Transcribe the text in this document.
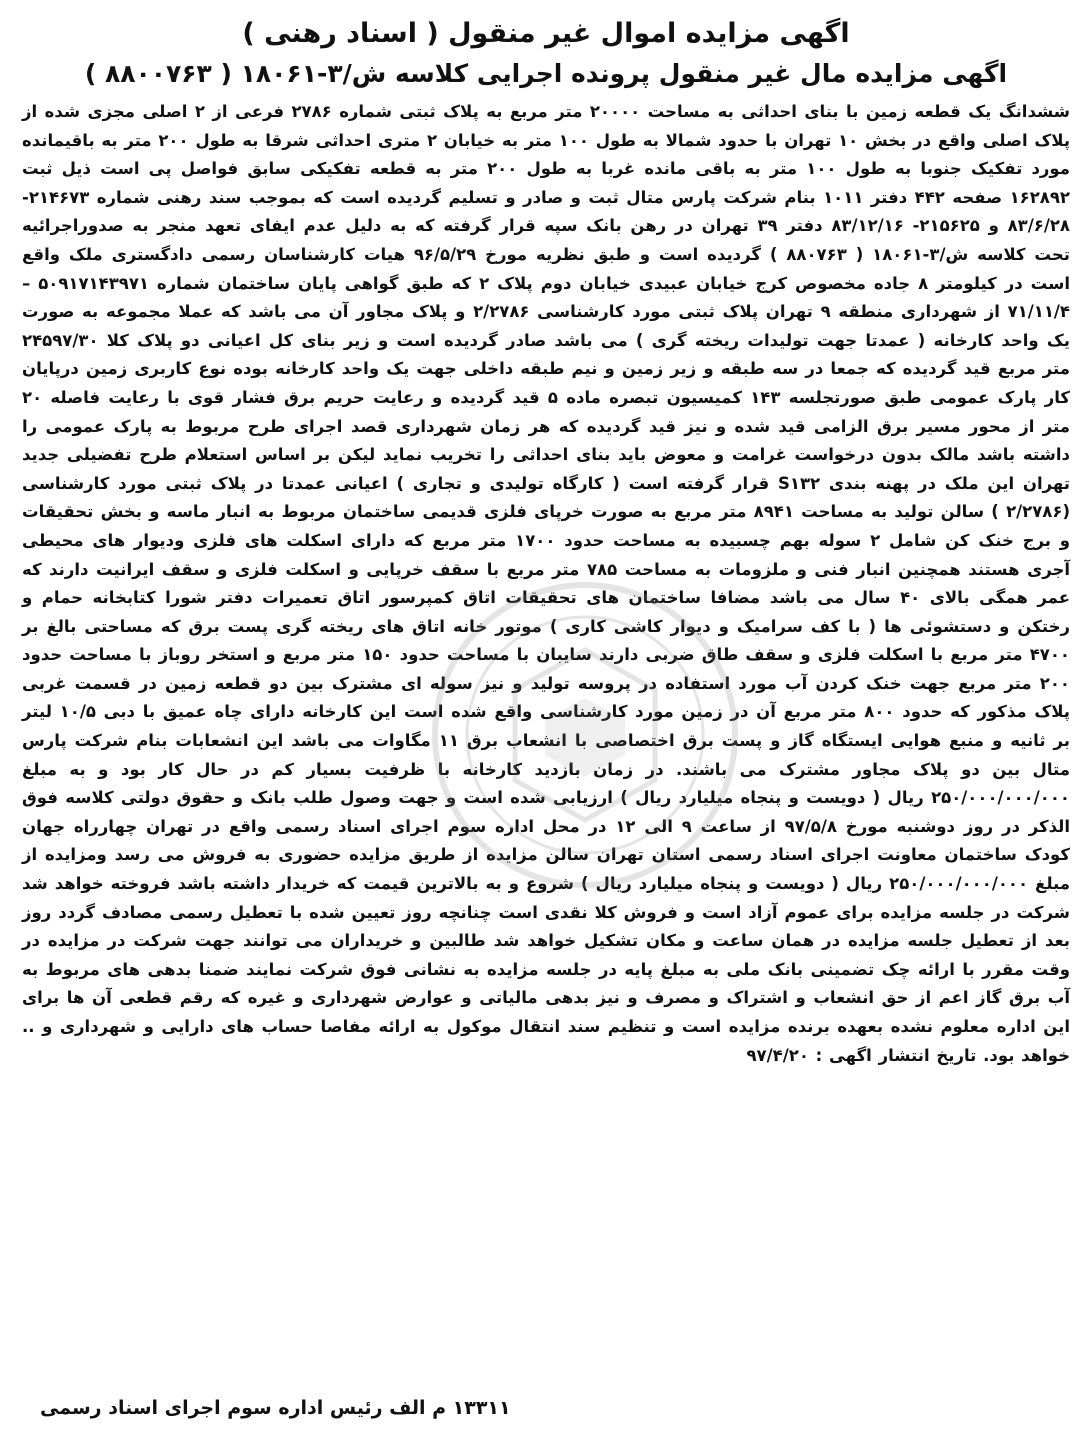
اگهی مزایده اموال غیر منقول ( اسناد رهنی )
اگهی مزایده مال غیر منقول پرونده اجرایی کلاسه ش/۳-۱۸۰۶۱ ( ۸۸۰۰۷۶۳ )

ششدانگ یک قطعه زمین با بنای احداثی به مساحت ۲۰۰۰۰ متر مربع به پلاک ثبتی شماره ۲۷۸۶ فرعی از ۲ اصلی مجزی شده از پلاک اصلی واقع در بخش ۱۰ تهران با حدود شمالا به طول ۱۰۰ متر به خیابان ۲ متری احداثی شرقا به طول ۲۰۰ متر به باقیمانده مورد تفکیک جنوبا به طول ۱۰۰ متر به باقی مانده غربا به طول ۲۰۰ متر به قطعه تفکیکی سابق فواصل پی است ذیل ثبت ۱۶۲۸۹۲ صفحه ۴۴۲ دفتر ۱۰۱۱ بنام شرکت پارس متال ثبت و صادر و تسلیم گردیده است که بموجب سند رهنی شماره ۲۱۴۶۷۳- ۸۳/۶/۲۸ و ۲۱۵۶۲۵- ۸۳/۱۲/۱۶ دفتر ۳۹ تهران در رهن بانک سپه قرار گرفته که به دلیل عدم ایفای تعهد منجر به صدوراجرائیه تحت کلاسه ش/۳-۱۸۰۶۱ ( ۸۸۰۷۶۳ ) گردیده است و طبق نظریه مورخ ۹۶/۵/۲۹ هیات کارشناسان رسمی دادگستری ملک واقع است در کیلومتر ۸ جاده مخصوص کرج خیابان عبیدی خیابان دوم پلاک ۲ که طبق گواهی پایان ساختمان شماره ۵۰۹۱۷۱۴۳۹۷۱ – ۷۱/۱۱/۴ از شهرداری منطقه ۹ تهران پلاک ثبتی مورد کارشناسی ۲/۲۷۸۶ و پلاک مجاور آن می باشد که عملا مجموعه به صورت یک واحد کارخانه ( عمدتا جهت تولیدات ریخته گری ) می باشد صادر گردیده است و زیر بنای کل اعیانی دو پلاک کلا ۲۴۵۹۷/۳۰ متر مربع قید گردیده که جمعا در سه طبقه و زیر زمین و نیم طبقه داخلی جهت یک واحد کارخانه بوده نوع کاربری زمین درپایان کار پارک عمومی طبق صورتجلسه ۱۴۳ کمیسیون تبصره ماده ۵ قید گردیده و رعایت حریم برق فشار قوی با رعایت فاصله ۲۰ متر از محور مسیر برق الزامی قید شده و نیز قید گردیده که هر زمان شهرداری قصد اجرای طرح مربوط به پارک عمومی را داشته باشد مالک بدون درخواست غرامت و معوض باید بنای احداثی را تخریب نماید لیکن بر اساس استعلام طرح تفضیلی جدید تهران این ملک در پهنه بندی S۱۳۲ قرار گرفته است ( کارگاه تولیدی و تجاری ) اعیانی عمدتا در پلاک ثبتی مورد کارشناسی (۲/۲۷۸۶ ) سالن تولید به مساحت ۸۹۴۱ متر مربع به صورت خرپای فلزی قدیمی ساختمان مربوط به انبار ماسه و بخش تحقیقات و برج خنک کن شامل ۲ سوله بهم چسبیده به مساحت حدود ۱۷۰۰ متر مربع که دارای اسکلت های فلزی ودیوار های محیطی آجری هستند همچنین انبار فنی و ملزومات به مساحت ۷۸۵ متر مربع با سقف خرپایی و اسکلت فلزی و سقف ایرانیت دارند که عمر همگی بالای ۴۰ سال می باشد مضافا ساختمان های تحقیقات اتاق کمپرسور اتاق تعمیرات دفتر شورا کتابخانه حمام و رختکن و دستشوئی ها ( با کف سرامیک و دیوار کاشی کاری ) موتور خانه اتاق های ریخته گری پست برق که مساحتی بالغ بر ۴۷۰۰ متر مربع با اسکلت فلزی و سقف طاق ضربی دارند سایبان با مساحت حدود ۱۵۰ متر مربع و استخر روباز با مساحت حدود ۲۰۰ متر مربع جهت خنک کردن آب مورد استفاده در پروسه تولید و نیز سوله ای مشترک بین دو قطعه زمین در قسمت غربی پلاک مذکور که حدود ۸۰۰ متر مربع آن در زمین مورد کارشناسی واقع شده است این کارخانه دارای چاه عمیق با دبی ۱۰/۵ لیتر بر ثانیه و منبع هوایی ایستگاه گاز و پست برق اختصاصی با انشعاب برق ۱۱ مگاوات می باشد این انشعابات بنام شرکت پارس متال بین دو پلاک مجاور مشترک می باشند. در زمان بازدید کارخانه با ظرفیت بسیار کم در حال کار بود و به مبلغ ۲۵۰/۰۰۰/۰۰۰/۰۰۰ ریال ( دویست و پنجاه میلیارد ریال ) ارزیابی شده است و جهت وصول طلب بانک و حقوق دولتی کلاسه فوق الذکر در روز دوشنبه مورخ ۹۷/۵/۸ از ساعت ۹ الی ۱۲ در محل اداره سوم اجرای اسناد رسمی واقع در تهران چهارراه جهان کودک ساختمان معاونت اجرای اسناد رسمی استان تهران سالن مزایده از طریق مزایده حضوری به فروش می رسد ومزایده از مبلغ ۲۵۰/۰۰۰/۰۰۰/۰۰۰ ریال ( دویست و پنجاه میلیارد ریال ) شروع و به بالاترین قیمت که خریدار داشته باشد فروخته خواهد شد شرکت در جلسه مزایده برای عموم آزاد است و فروش کلا نقدی است چنانچه روز تعیین شده با تعطیل رسمی مصادف گردد روز بعد از تعطیل جلسه مزایده در همان ساعت و مکان تشکیل خواهد شد طالبین و خریداران می توانند جهت شرکت در مزایده در وقت مقرر با ارائه چک تضمینی بانک ملی به مبلغ پایه در جلسه مزایده به نشانی فوق شرکت نمایند ضمنا بدهی های مربوط به آب برق گاز اعم از حق انشعاب و اشتراک و مصرف و نیز بدهی مالیاتی و عوارض شهرداری و غیره که رقم قطعی آن ها برای این اداره معلوم نشده بعهده برنده مزایده است و تنظیم سند انتقال موکول به ارائه مفاصا حساب های دارایی و شهرداری و .. خواهد بود. تاریخ انتشار اگهی : ۹۷/۴/۲۰

۱۳۳۱۱ م الف رئیس اداره سوم اجرای اسناد رسمی
